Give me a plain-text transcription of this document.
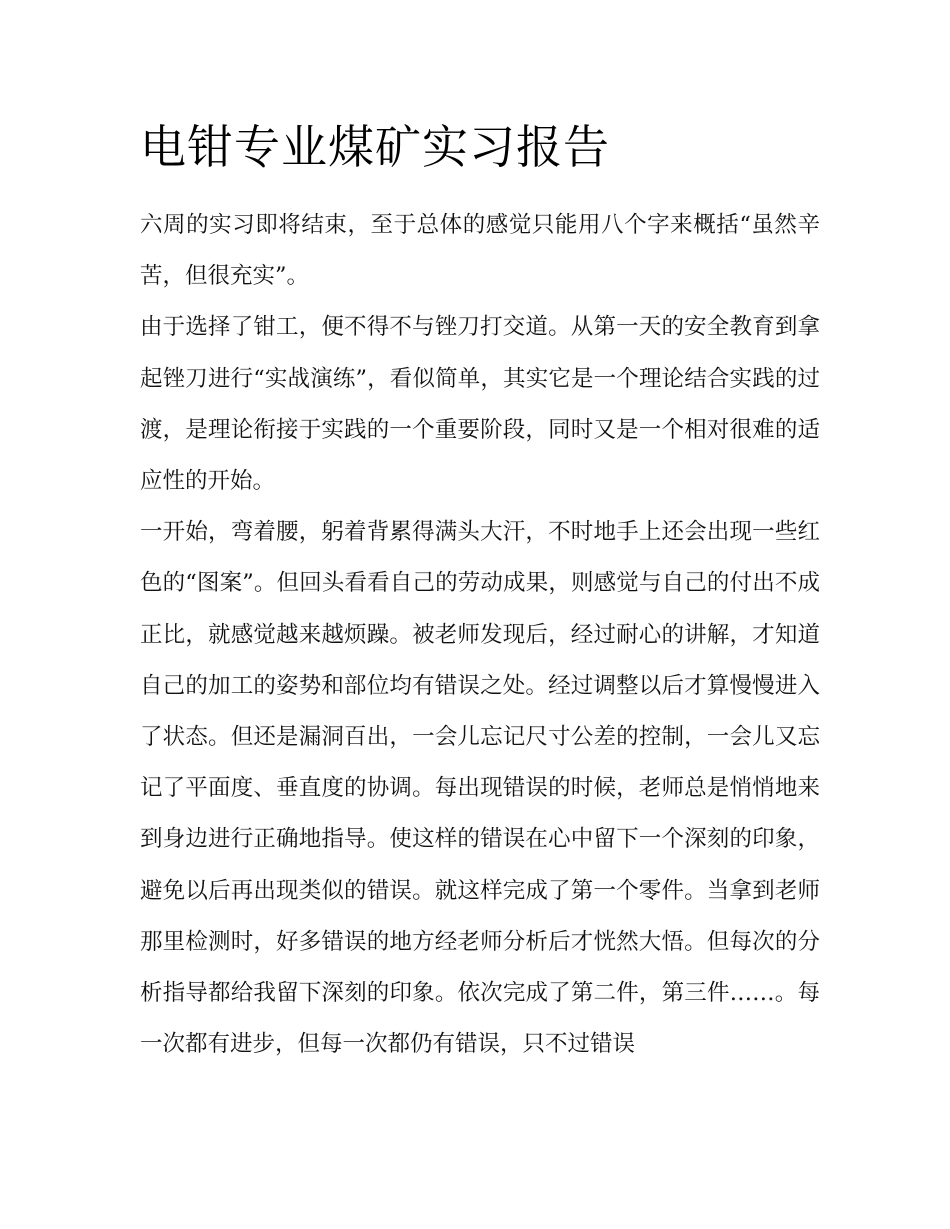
电钳专业煤矿实习报告

六周的实习即将结束，至于总体的感觉只能用八个字来概括“虽然辛苦，但很充实”。

由于选择了钳工，便不得不与锉刀打交道。从第一天的安全教育到拿起锉刀进行“实战演练”，看似简单，其实它是一个理论结合实践的过渡，是理论衔接于实践的一个重要阶段，同时又是一个相对很难的适应性的开始。

一开始，弯着腰，躬着背累得满头大汗，不时地手上还会出现一些红色的“图案”。但回头看看自己的劳动成果，则感觉与自己的付出不成正比，就感觉越来越烦躁。被老师发现后，经过耐心的讲解，才知道自己的加工的姿势和部位均有错误之处。经过调整以后才算慢慢进入了状态。但还是漏洞百出，一会儿忘记尺寸公差的控制，一会儿又忘记了平面度、垂直度的协调。每出现错误的时候，老师总是悄悄地来到身边进行正确地指导。使这样的错误在心中留下一个深刻的印象，避免以后再出现类似的错误。就这样完成了第一个零件。当拿到老师那里检测时，好多错误的地方经老师分析后才恍然大悟。但每次的分析指导都给我留下深刻的印象。依次完成了第二件，第三件……。每一次都有进步，但每一次都仍有错误，只不过错误
